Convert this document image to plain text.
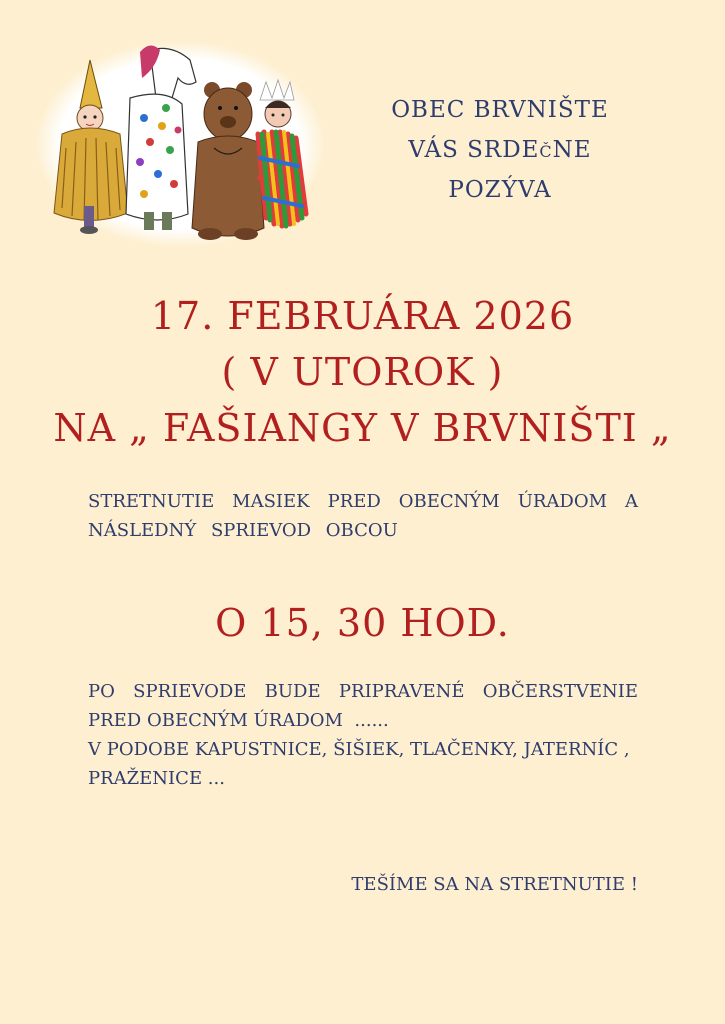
OBEC BRVNIŠTE
VÁS SRDEčNE
POZÝVA
17. FEBRUÁRA 2026
( V UTOROK )
NA „ FAŠIANGY V BRVNIŠTI „
STRETNUTIE MASIEK PRED OBECNÝM ÚRADOM A NÁSLEDNÝ SPRIEVOD OBCOU
O 15, 30 HOD.
PO SPRIEVODE BUDE PRIPRAVENÉ OBČERSTVENIE
PRED OBECNÝM ÚRADOM  ......
V PODOBE KAPUSTNICE, ŠIŠIEK, TLAČENKY, JATERNÍC ,
PRAŽENICE ...
TEŠÍME SA NA STRETNUTIE !
